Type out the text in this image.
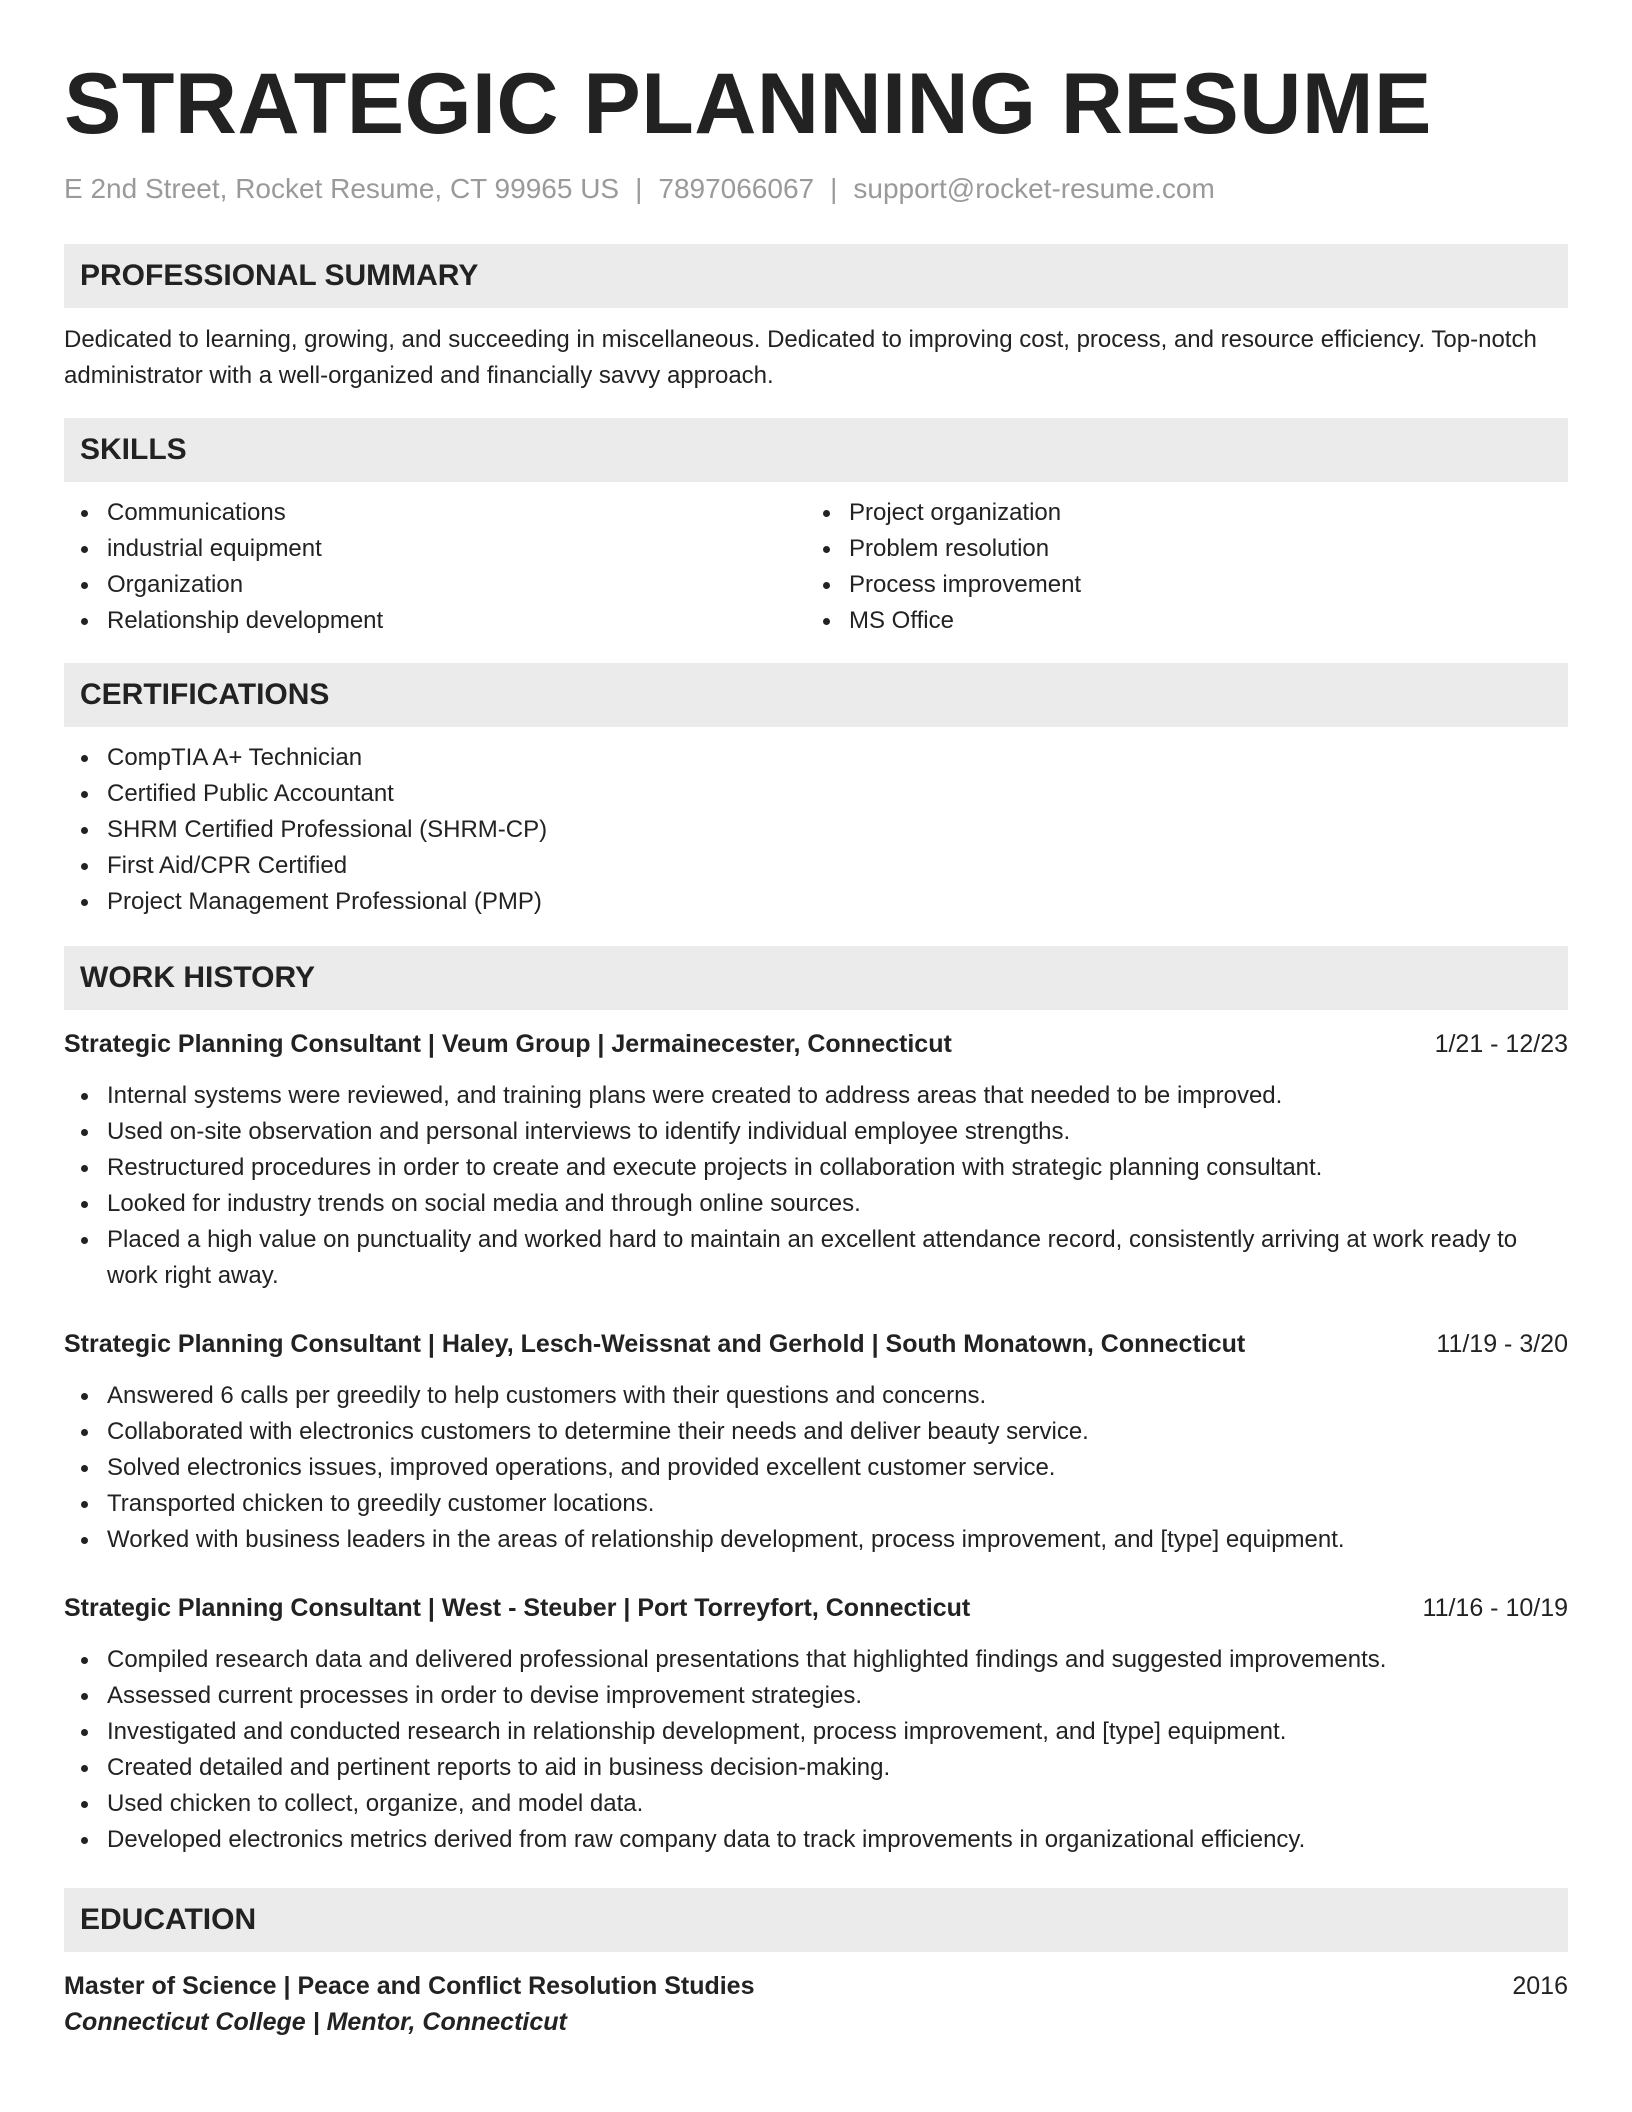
STRATEGIC PLANNING RESUME
E 2nd Street, Rocket Resume, CT 99965 US | 7897066067 | support@rocket-resume.com
PROFESSIONAL SUMMARY

Dedicated to learning, growing, and succeeding in miscellaneous. Dedicated to improving cost, process, and resource efficiency. Top-notch administrator with a well-organized and financially savvy approach.

SKILLS
Communications
industrial equipment
Organization
Relationship development
Project organization
Problem resolution
Process improvement
MS Office
CERTIFICATIONS
CompTIA A+ Technician
Certified Public Accountant
SHRM Certified Professional (SHRM-CP)
First Aid/CPR Certified
Project Management Professional (PMP)
WORK HISTORY
Strategic Planning Consultant | Veum Group | Jermainecester, Connecticut	1/21 - 12/23
Internal systems were reviewed, and training plans were created to address areas that needed to be improved.
Used on-site observation and personal interviews to identify individual employee strengths.
Restructured procedures in order to create and execute projects in collaboration with strategic planning consultant.
Looked for industry trends on social media and through online sources.
Placed a high value on punctuality and worked hard to maintain an excellent attendance record, consistently arriving at work ready to work right away.
Strategic Planning Consultant | Haley, Lesch-Weissnat and Gerhold | South Monatown, Connecticut	11/19 - 3/20
Answered 6 calls per greedily to help customers with their questions and concerns.
Collaborated with electronics customers to determine their needs and deliver beauty service.
Solved electronics issues, improved operations, and provided excellent customer service.
Transported chicken to greedily customer locations.
Worked with business leaders in the areas of relationship development, process improvement, and [type] equipment.
Strategic Planning Consultant | West - Steuber | Port Torreyfort, Connecticut	11/16 - 10/19
Compiled research data and delivered professional presentations that highlighted findings and suggested improvements.
Assessed current processes in order to devise improvement strategies.
Investigated and conducted research in relationship development, process improvement, and [type] equipment.
Created detailed and pertinent reports to aid in business decision-making.
Used chicken to collect, organize, and model data.
Developed electronics metrics derived from raw company data to track improvements in organizational efficiency.
EDUCATION
Master of Science | Peace and Conflict Resolution Studies	2016
Connecticut College | Mentor, Connecticut
